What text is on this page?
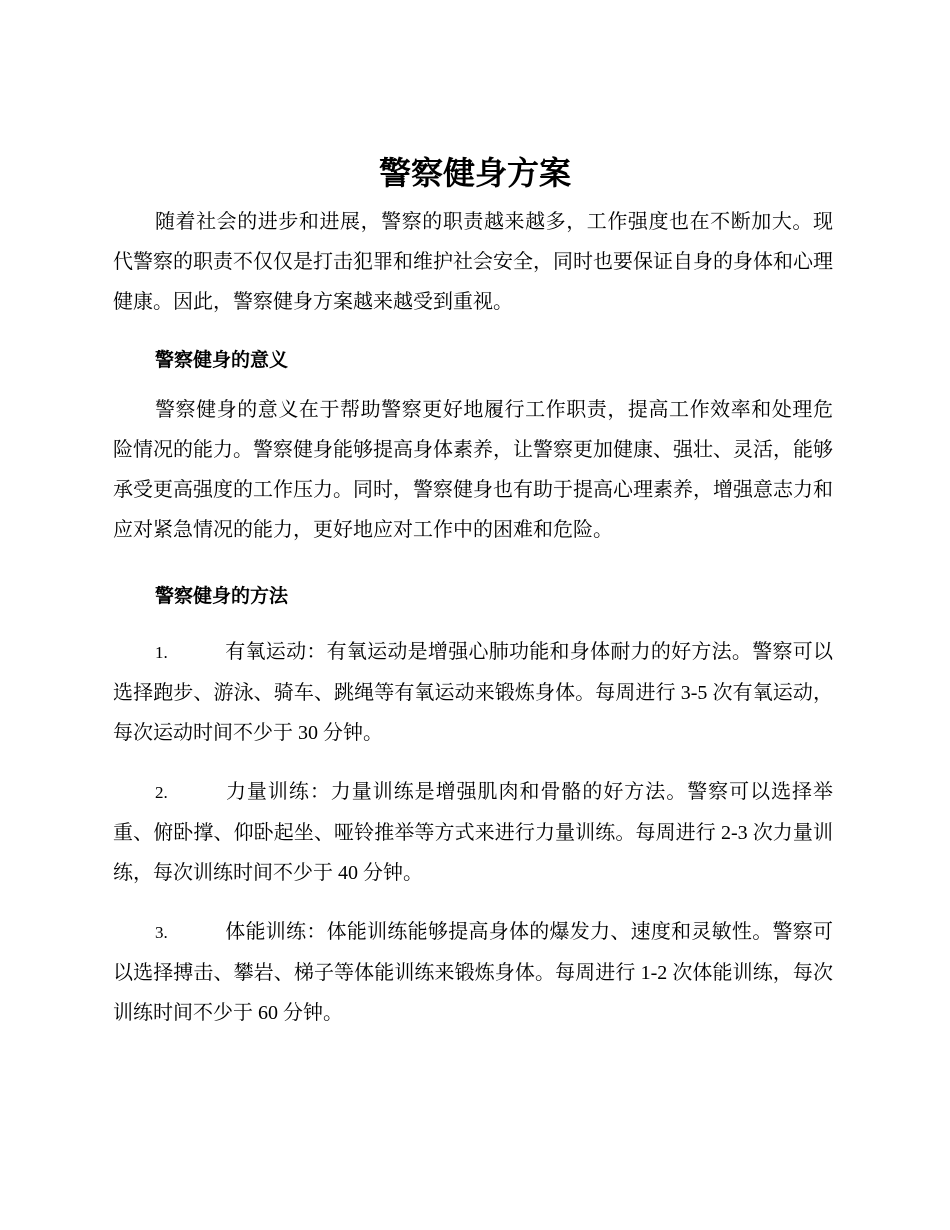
警察健身方案

随着社会的进步和进展，警察的职责越来越多，工作强度也在不断加大。现代警察的职责不仅仅是打击犯罪和维护社会安全，同时也要保证自身的身体和心理健康。因此，警察健身方案越来越受到重视。

警察健身的意义

警察健身的意义在于帮助警察更好地履行工作职责，提高工作效率和处理危险情况的能力。警察健身能够提高身体素养，让警察更加健康、强壮、灵活，能够承受更高强度的工作压力。同时，警察健身也有助于提高心理素养，增强意志力和应对紧急情况的能力，更好地应对工作中的困难和危险。

警察健身的方法

1.	有氧运动：有氧运动是增强心肺功能和身体耐力的好方法。警察可以选择跑步、游泳、骑车、跳绳等有氧运动来锻炼身体。每周进行 3-5 次有氧运动，每次运动时间不少于 30 分钟。

2.	力量训练：力量训练是增强肌肉和骨骼的好方法。警察可以选择举重、俯卧撑、仰卧起坐、哑铃推举等方式来进行力量训练。每周进行 2-3 次力量训练，每次训练时间不少于 40 分钟。

3.	体能训练：体能训练能够提高身体的爆发力、速度和灵敏性。警察可以选择搏击、攀岩、梯子等体能训练来锻炼身体。每周进行 1-2 次体能训练，每次训练时间不少于 60 分钟。
